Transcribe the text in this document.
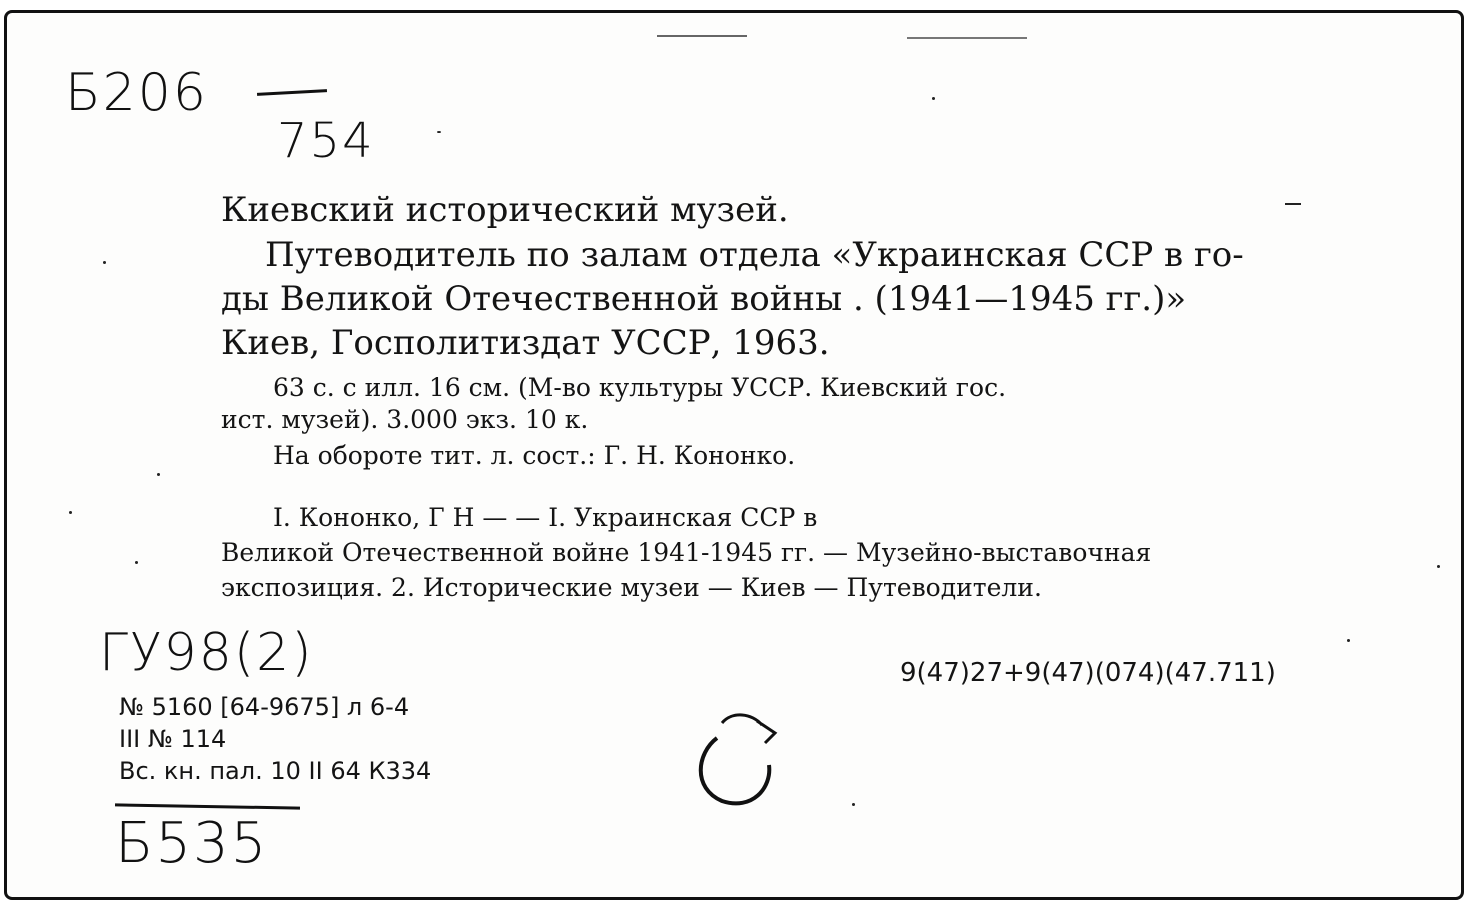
Б206
754
Киевский исторический музей.
Путеводитель по залам отдела «Украинская ССР в го-
ды Великой Отечественной войны . (1941—1945 гг.)»
Киев, Госполитиздат УССР, 1963.
63 с. с илл. 16 см. (М-во культуры УССР. Киевский гос.
ист. музей). 3.000 экз. 10 к.
На обороте тит. л. сост.: Г. Н. Кононко.
I. Кононко, Г Н — — I. Украинская ССР в
Великой Отечественной войне 1941-1945 гг. — Музейно-выставочная
экспозиция. 2. Исторические музеи — Киев — Путеводители.
ГУ98(2)	9(47)27+9(47)(074)(47.711)
№ 5160 [64-9675] л 6-4
III № 114
Вс. кн. пал. 10 II 64 К334
Б535
